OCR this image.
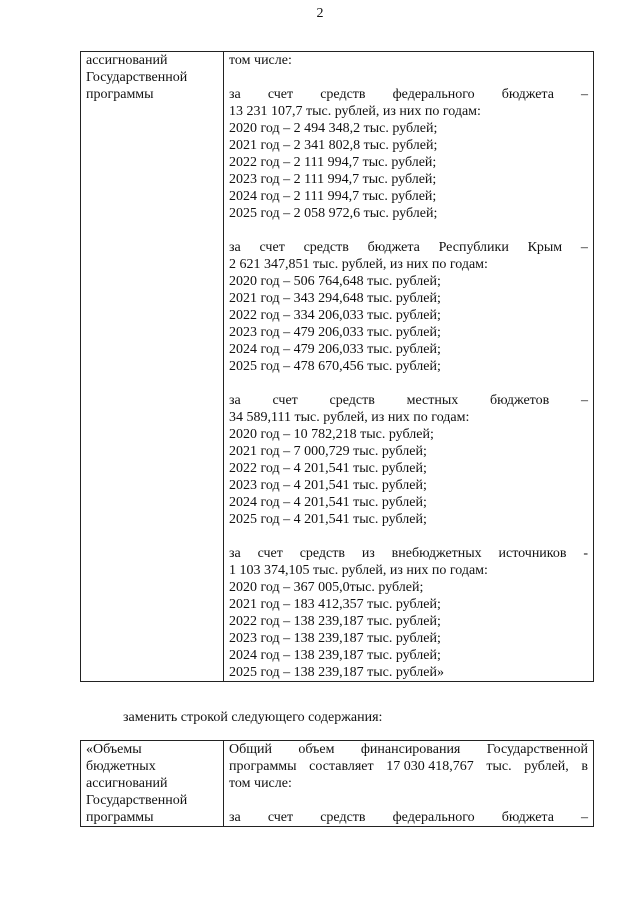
2
ассигнований
Государственной
программы

том числе:
за счет средств федерального бюджета –
13 231 107,7 тыс. рублей, из них по годам:
2020 год – 2 494 348,2 тыс. рублей;
2021 год – 2 341 802,8 тыс. рублей;
2022 год – 2 111 994,7 тыс. рублей;
2023 год – 2 111 994,7 тыс. рублей;
2024 год – 2 111 994,7 тыс. рублей;
2025 год – 2 058 972,6 тыс. рублей;
за счет средств бюджета Республики Крым –
2 621 347,851 тыс. рублей, из них по годам:
2020 год – 506 764,648 тыс. рублей;
2021 год – 343 294,648 тыс. рублей;
2022 год – 334 206,033 тыс. рублей;
2023 год – 479 206,033 тыс. рублей;
2024 год – 479 206,033 тыс. рублей;
2025 год – 478 670,456 тыс. рублей;
за счет средств местных бюджетов –
34 589,111 тыс. рублей, из них по годам:
2020 год – 10 782,218 тыс. рублей;
2021 год – 7 000,729 тыс. рублей;
2022 год – 4 201,541 тыс. рублей;
2023 год – 4 201,541 тыс. рублей;
2024 год – 4 201,541 тыс. рублей;
2025 год – 4 201,541 тыс. рублей;
за счет средств из внебюджетных источников -
1 103 374,105 тыс. рублей, из них по годам:
2020 год – 367 005,0тыс. рублей;
2021 год – 183 412,357 тыс. рублей;
2022 год – 138 239,187 тыс. рублей;
2023 год – 138 239,187 тыс. рублей;
2024 год – 138 239,187 тыс. рублей;
2025 год – 138 239,187 тыс. рублей»
заменить строкой следующего содержания:
«Объемы
бюджетных
ассигнований
Государственной
программы

Общий объем финансирования Государственной
программы составляет 17 030 418,767 тыс. рублей, в
том числе:
за счет средств федерального бюджета –
